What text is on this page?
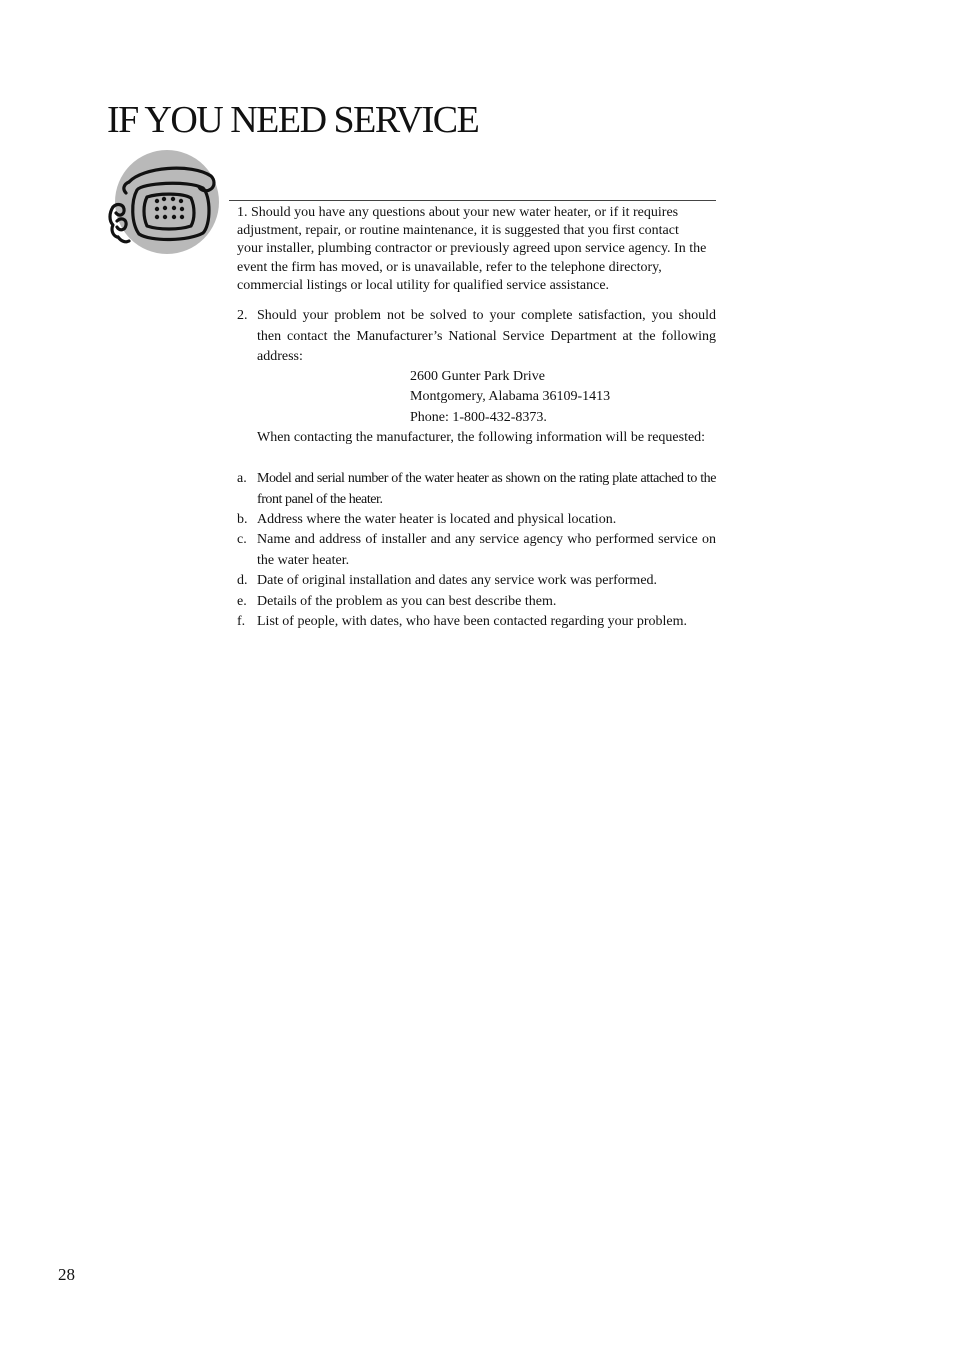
IF YOU NEED SERVICE

1. Should you have any questions about your new water heater, or if it requires adjustment, repair, or routine maintenance, it is suggested that you first contact your installer, plumbing contractor or previously agreed upon service agency. In the event the firm has moved, or is unavailable, refer to the telephone directory, commercial listings or local utility for qualified service assistance.

2. Should your problem not be solved to your complete satisfaction, you should then contact the Manufacturer’s National Service Department at the following address:
2600 Gunter Park Drive
Montgomery, Alabama 36109-1413
Phone: 1-800-432-8373.
When contacting the manufacturer, the following information will be requested:
a. Model and serial number of the water heater as shown on the rating plate attached to the front panel of the heater.
b. Address where the water heater is located and physical location.
c. Name and address of installer and any service agency who performed service on the water heater.
d. Date of original installation and dates any service work was performed.
e. Details of the problem as you can best describe them.
f. List of people, with dates, who have been contacted regarding your problem.
28
